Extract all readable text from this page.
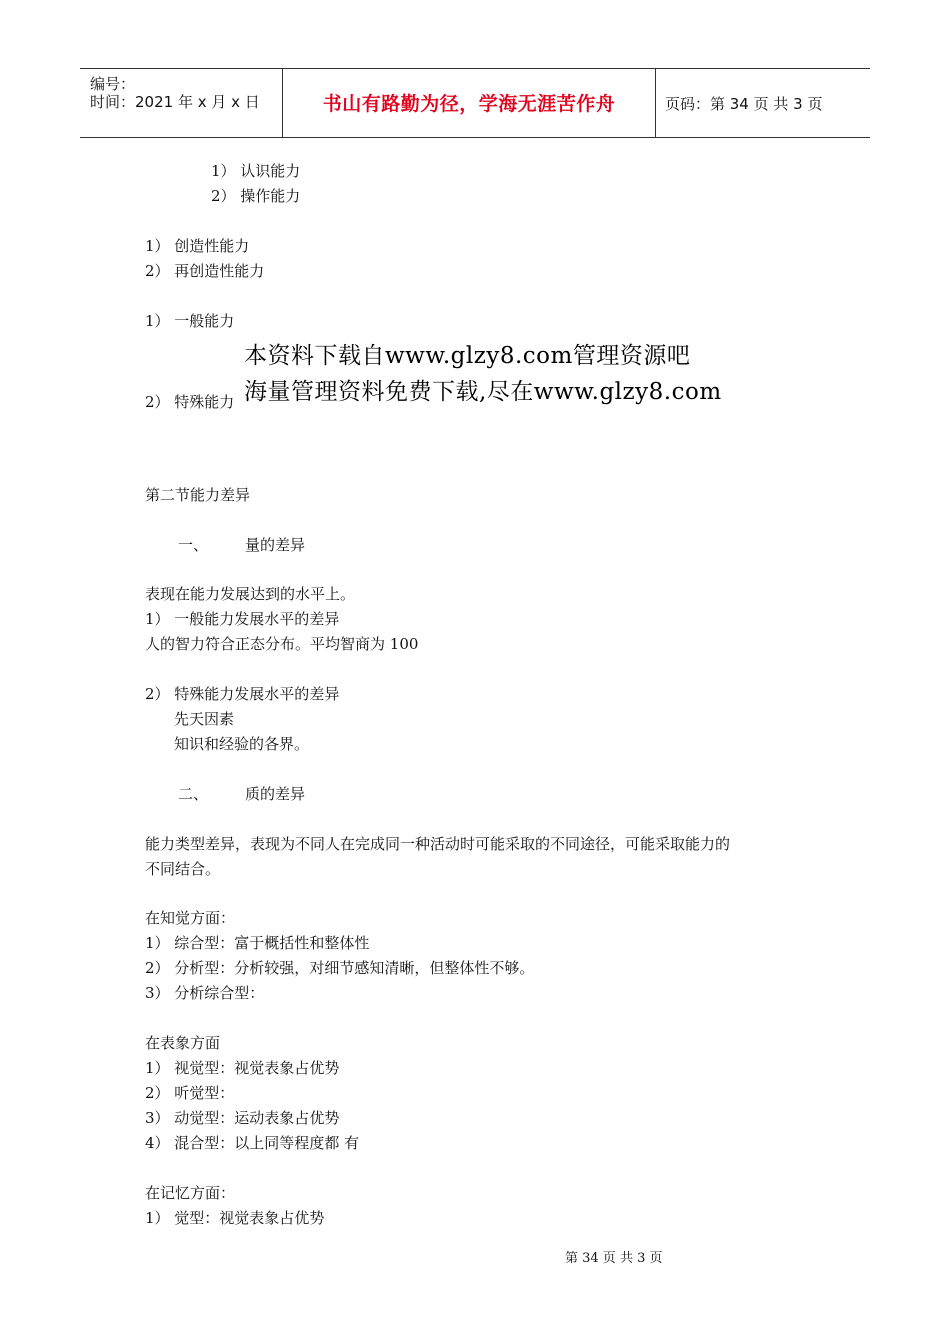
编号：
时间：2021 年 x 月 x 日	书山有路勤为径，学海无涯苦作舟	页码：第 34 页 共 3 页
1） 认识能力
2） 操作能力
1） 创造性能力
2） 再创造性能力
1） 一般能力
2） 特殊能力
本资料下载自www.glzy8.com管理资源吧
海量管理资料免费下载,尽在www.glzy8.com
第二节能力差异
一、 量的差异
表现在能力发展达到的水平上。
1） 一般能力发展水平的差异
人的智力符合正态分布。平均智商为 100
2） 特殊能力发展水平的差异
先天因素
知识和经验的各界。
二、 质的差异
能力类型差异，表现为不同人在完成同一种活动时可能采取的不同途径，可能采取能力的
不同结合。
在知觉方面：
1） 综合型：富于概括性和整体性
2） 分析型：分析较强，对细节感知清晰，但整体性不够。
3） 分析综合型：
在表象方面
1） 视觉型：视觉表象占优势
2） 听觉型：
3） 动觉型：运动表象占优势
4） 混合型：以上同等程度都 有
在记忆方面：
1） 觉型：视觉表象占优势
第 34 页 共 3 页
